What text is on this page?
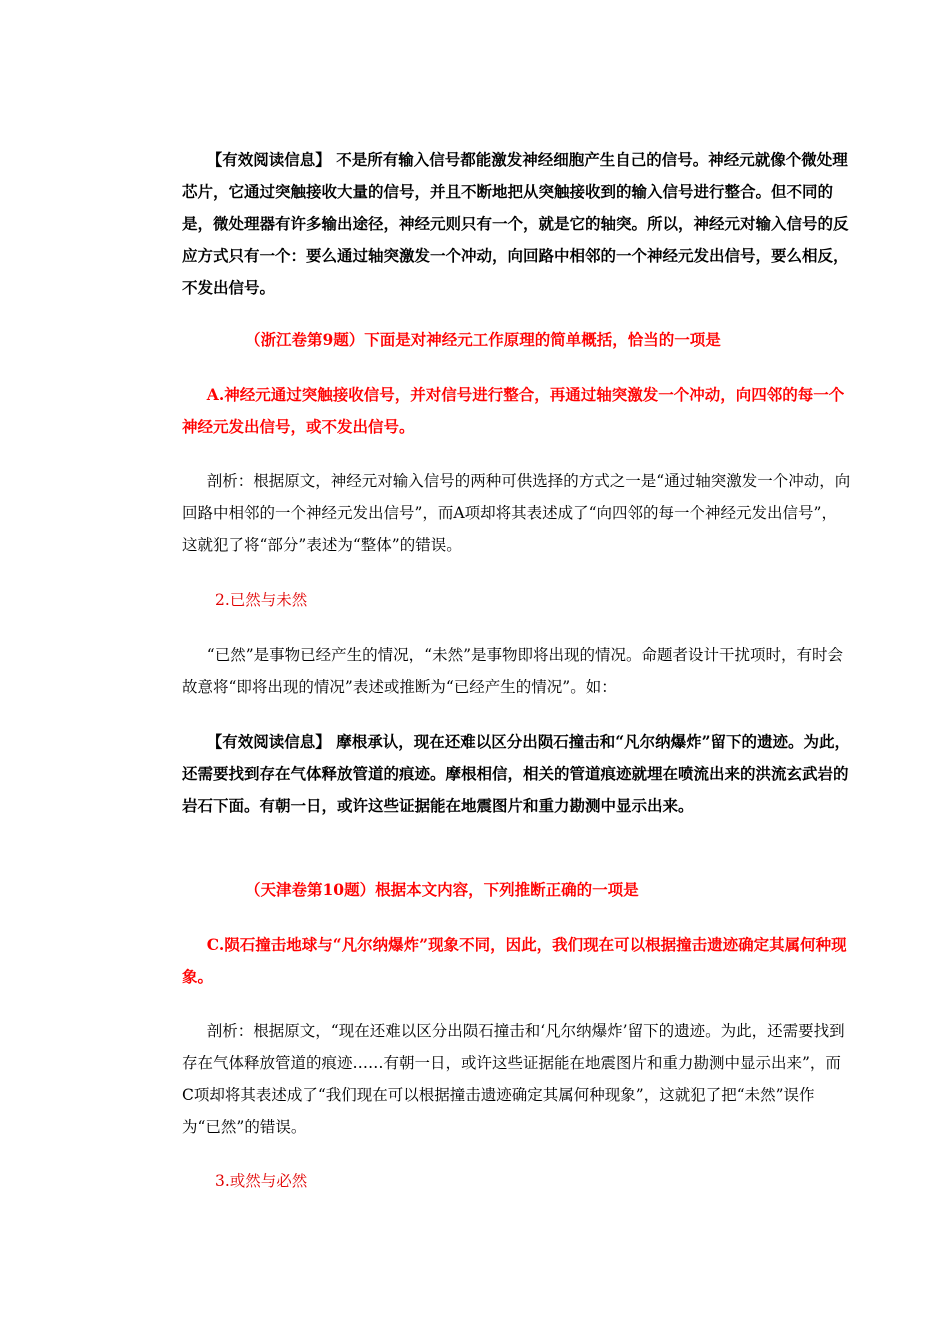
【有效阅读信息】 不是所有输入信号都能激发神经细胞产生自己的信号。神经元就像个微处理芯片，它通过突触接收大量的信号，并且不断地把从突触接收到的输入信号进行整合。但不同的是，微处理器有许多输出途径，神经元则只有一个，就是它的轴突。所以，神经元对输入信号的反应方式只有一个：要么通过轴突激发一个冲动，向回路中相邻的一个神经元发出信号，要么相反，不发出信号。

（浙江卷第9题）下面是对神经元工作原理的简单概括，恰当的一项是

A.神经元通过突触接收信号，并对信号进行整合，再通过轴突激发一个冲动，向四邻的每一个神经元发出信号，或不发出信号。

剖析：根据原文，神经元对输入信号的两种可供选择的方式之一是“通过轴突激发一个冲动，向回路中相邻的一个神经元发出信号”，而A项却将其表述成了“向四邻的每一个神经元发出信号”，这就犯了将“部分”表述为“整体”的错误。

2.已然与未然

“已然”是事物已经产生的情况，“未然”是事物即将出现的情况。命题者设计干扰项时，有时会故意将“即将出现的情况”表述或推断为“已经产生的情况”。如：

【有效阅读信息】 摩根承认，现在还难以区分出陨石撞击和“凡尔纳爆炸”留下的遗迹。为此，还需要找到存在气体释放管道的痕迹。摩根相信，相关的管道痕迹就埋在喷流出来的洪流玄武岩的岩石下面。有朝一日，或许这些证据能在地震图片和重力勘测中显示出来。

（天津卷第10题）根据本文内容，下列推断正确的一项是

C.陨石撞击地球与“凡尔纳爆炸”现象不同，因此，我们现在可以根据撞击遗迹确定其属何种现象。

剖析：根据原文，“现在还难以区分出陨石撞击和‘凡尔纳爆炸’留下的遗迹。为此，还需要找到存在气体释放管道的痕迹……有朝一日，或许这些证据能在地震图片和重力勘测中显示出来”，而C项却将其表述成了“我们现在可以根据撞击遗迹确定其属何种现象”，这就犯了把“未然”误作为“已然”的错误。

3.或然与必然
